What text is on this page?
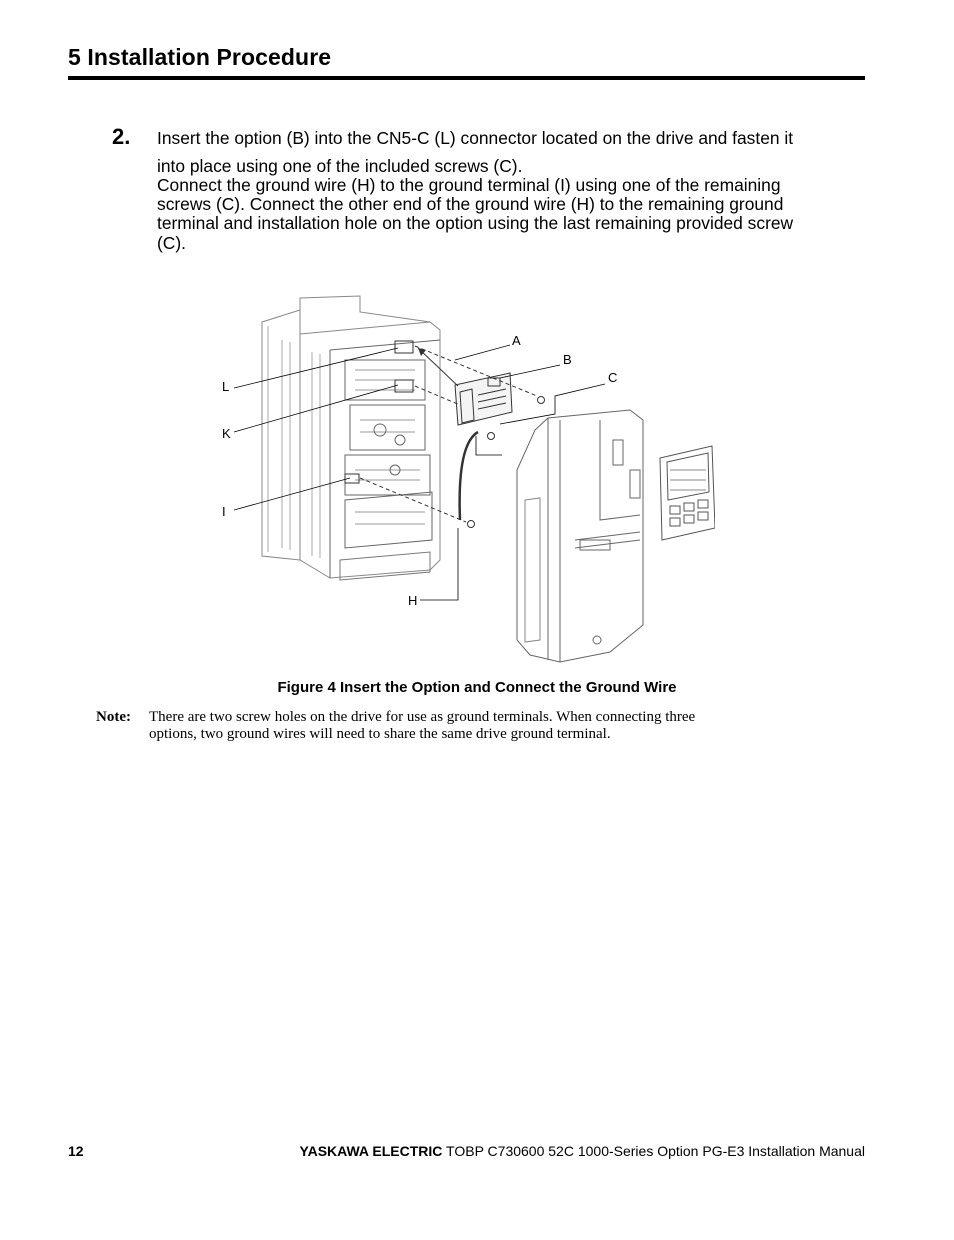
5 Installation Procedure
2. Insert the option (B) into the CN5-C (L) connector located on the drive and fasten it
into place using one of the included screws (C).
Connect the ground wire (H) to the ground terminal (I) using one of the remaining
screws (C). Connect the other end of the ground wire (H) to the remaining ground
terminal and installation hole on the option using the last remaining provided screw
(C).
A
B
C
L
K
I
H
Figure 4 Insert the Option and Connect the Ground Wire
Note: There are two screw holes on the drive for use as ground terminals. When connecting three
options, two ground wires will need to share the same drive ground terminal.
12	YASKAWA ELECTRIC TOBP C730600 52C 1000-Series Option PG-E3 Installation Manual
